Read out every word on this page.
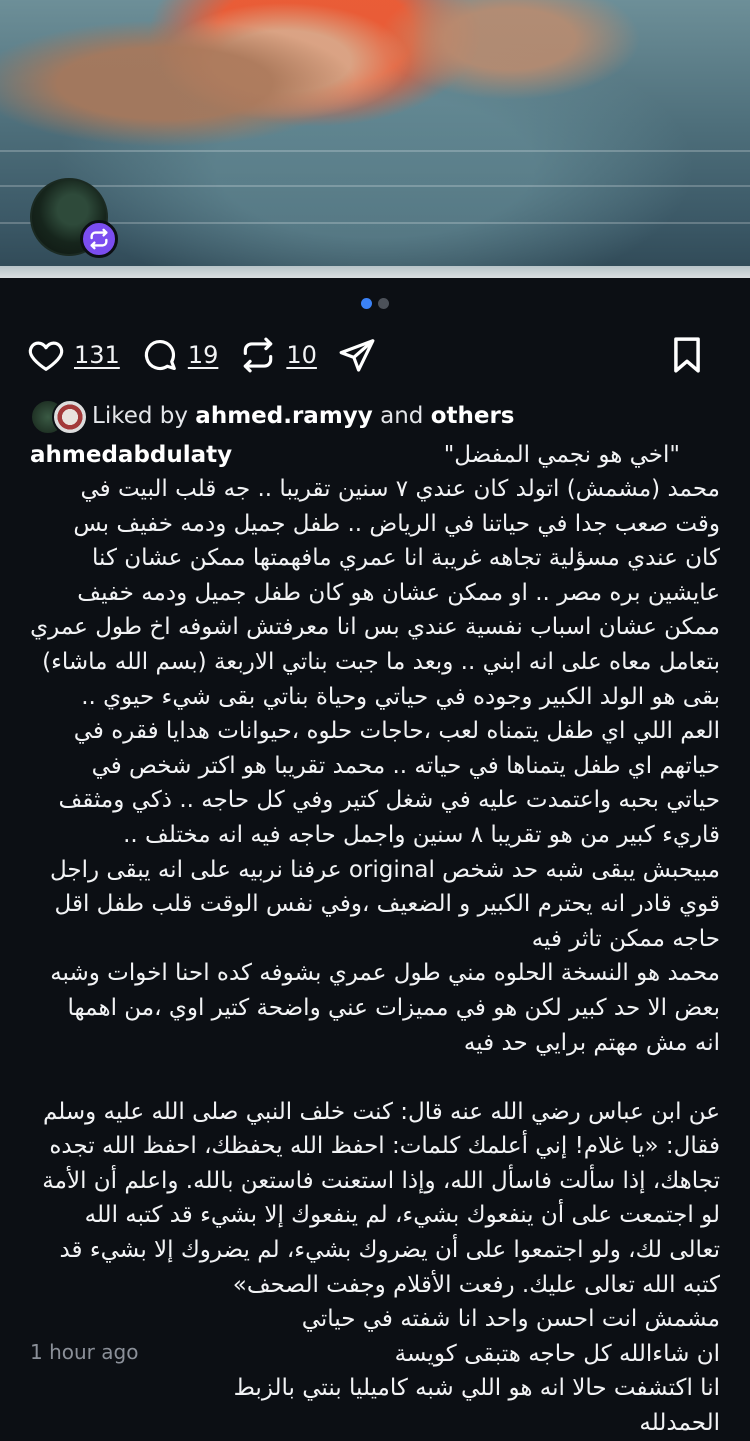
131	19	10
Liked by
ahmed.ramyy
and
others
ahmedabdulaty	"اخي هو نجمي المفضل"
محمد (مشمش) اتولد كان عندي ٧ سنين تقريبا .. جه قلب البيت في
وقت صعب جدا في حياتنا في الرياض .. طفل جميل ودمه خفيف بس
كان عندي مسؤلية تجاهه غريبة انا عمري مافهمتها ممكن عشان كنا
عايشين بره مصر .. او ممكن عشان هو كان طفل جميل ودمه خفيف
ممكن عشان اسباب نفسية عندي بس انا معرفتش اشوفه اخ طول عمري
بتعامل معاه على انه ابني .. وبعد ما جبت بناتي الاربعة (بسم الله ماشاء)
بقى هو الولد الكبير وجوده في حياتي وحياة بناتي بقى شيء حيوي ..
العم اللي اي طفل يتمناه لعب ،حاجات حلوه ،حيوانات هدايا فقره في
حياتهم اي طفل يتمناها في حياته .. محمد تقريبا هو اكتر شخص في
حياتي بحبه واعتمدت عليه في شغل كتير وفي كل حاجه .. ذكي ومثقف
قاريء كبير من هو تقريبا ٨ سنين واجمل حاجه فيه انه مختلف ..
مبيحبش يبقى شبه حد شخص original عرفنا نربيه على انه يبقى راجل
قوي قادر انه يحترم الكبير و الضعيف ،وفي نفس الوقت قلب طفل اقل
حاجه ممكن تاثر فيه
محمد هو النسخة الحلوه مني طول عمري بشوفه كده احنا اخوات وشبه
بعض الا حد كبير لكن هو في مميزات عني واضحة كتير اوي ،من اهمها
انه مش مهتم برايي حد فيه
عن ابن عباس رضي الله عنه قال: كنت خلف النبي صلى الله عليه وسلم
فقال: «يا غلام! إني أعلمك كلمات: احفظ الله يحفظك، احفظ الله تجده
تجاهك، إذا سألت فاسأل الله، وإذا استعنت فاستعن بالله. واعلم أن الأمة
لو اجتمعت على أن ينفعوك بشيء، لم ينفعوك إلا بشيء قد كتبه الله
تعالى لك، ولو اجتمعوا على أن يضروك بشيء، لم يضروك إلا بشيء قد
كتبه الله تعالى عليك. رفعت الأقلام وجفت الصحف»
مشمش انت احسن واحد انا شفته في حياتي
ان شاءالله كل حاجه هتبقى كويسة
انا اكتشفت حالا انه هو اللي شبه كاميليا بنتي بالزبط
الحمدلله
1 hour ago
